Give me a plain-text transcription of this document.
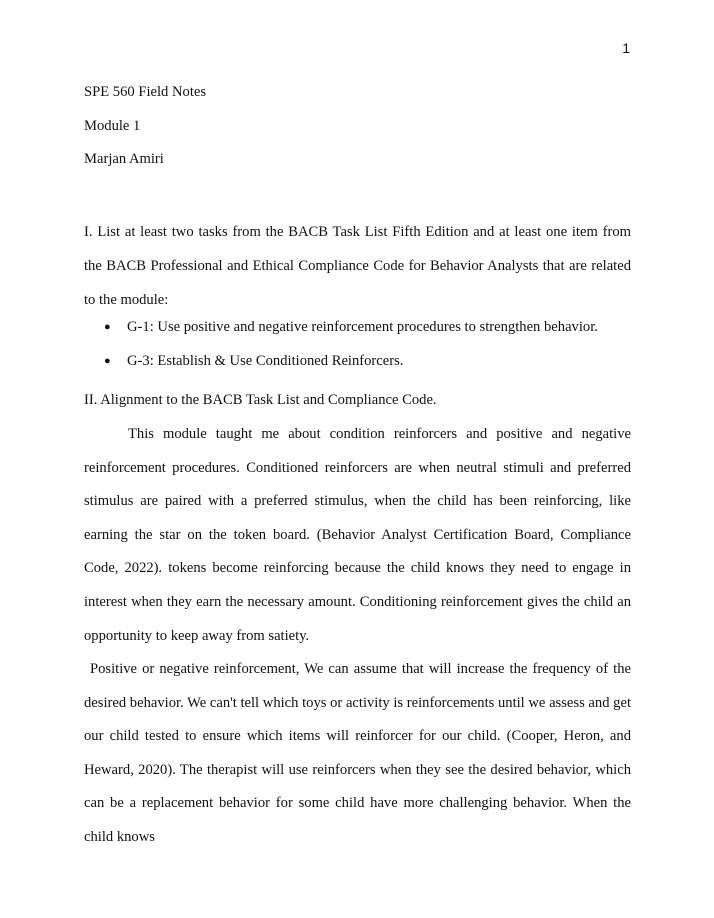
1
SPE 560 Field Notes
Module 1
Marjan Amiri

I. List at least two tasks from the BACB Task List Fifth Edition and at least one item from the BACB Professional and Ethical Compliance Code for Behavior Analysts that are related to the module:

● G-1: Use positive and negative reinforcement procedures to strengthen behavior.
● G-3: Establish & Use Conditioned Reinforcers.

II. Alignment to the BACB Task List and Compliance Code.

This module taught me about condition reinforcers and positive and negative reinforcement procedures. Conditioned reinforcers are when neutral stimuli and preferred stimulus are paired with a preferred stimulus, when the child has been reinforcing, like earning the star on the token board. (Behavior Analyst Certification Board, Compliance Code, 2022). tokens become reinforcing because the child knows they need to engage in interest when they earn the necessary amount. Conditioning reinforcement gives the child an opportunity to keep away from satiety.

Positive or negative reinforcement, We can assume that will increase the frequency of the desired behavior. We can't tell which toys or activity is reinforcements until we assess and get our child tested to ensure which items will reinforcer for our child. (Cooper, Heron, and Heward, 2020). The therapist will use reinforcers when they see the desired behavior, which can be a replacement behavior for some child have more challenging behavior. When the child knows
